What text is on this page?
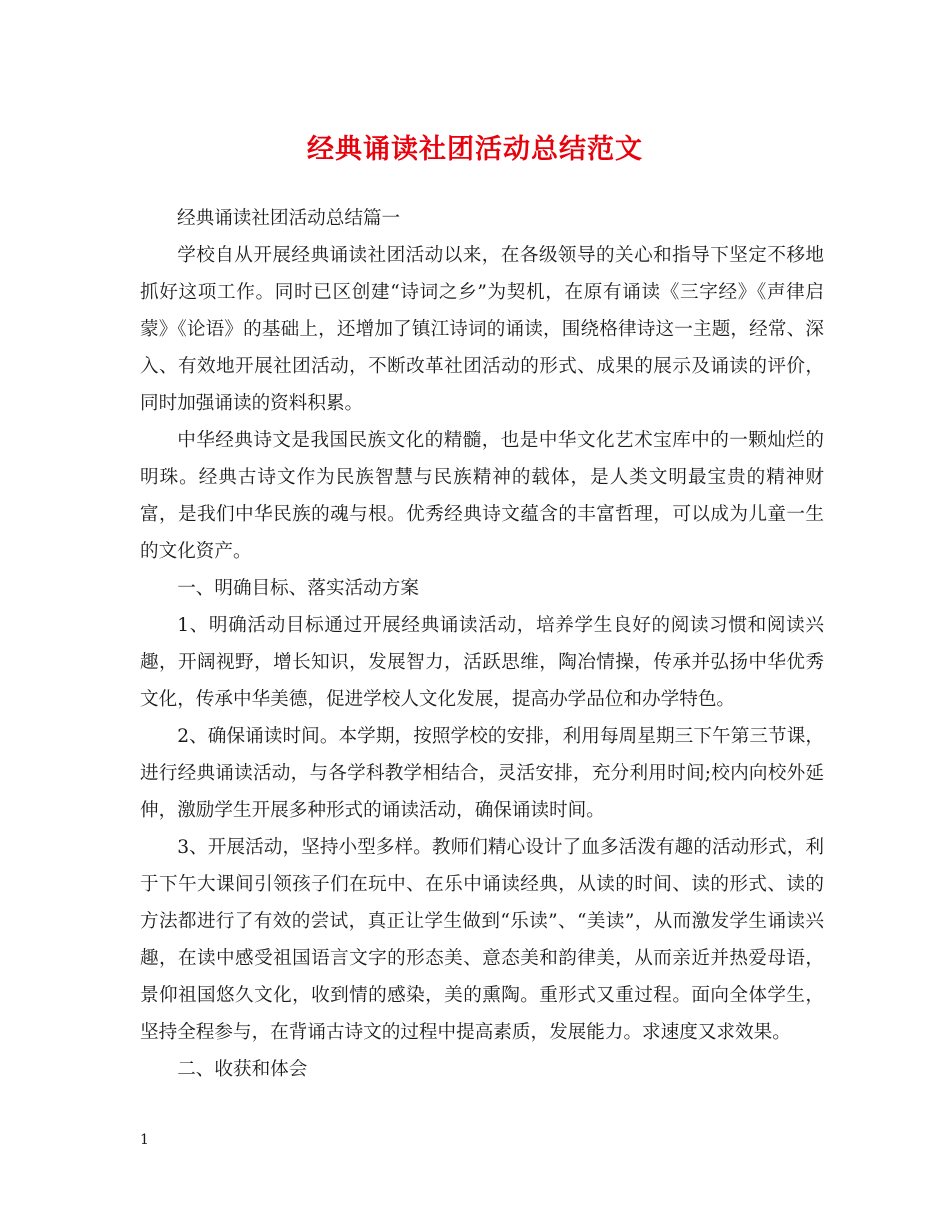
经典诵读社团活动总结范文

经典诵读社团活动总结篇一

学校自从开展经典诵读社团活动以来，在各级领导的关心和指导下坚定不移地抓好这项工作。同时已区创建“诗词之乡”为契机，在原有诵读《三字经》《声律启蒙》《论语》的基础上，还增加了镇江诗词的诵读，围绕格律诗这一主题，经常、深入、有效地开展社团活动，不断改革社团活动的形式、成果的展示及诵读的评价，同时加强诵读的资料积累。

中华经典诗文是我国民族文化的精髓，也是中华文化艺术宝库中的一颗灿烂的明珠。经典古诗文作为民族智慧与民族精神的载体，是人类文明最宝贵的精神财富，是我们中华民族的魂与根。优秀经典诗文蕴含的丰富哲理，可以成为儿童一生的文化资产。

一、明确目标、落实活动方案

1、明确活动目标通过开展经典诵读活动，培养学生良好的阅读习惯和阅读兴趣，开阔视野，增长知识，发展智力，活跃思维，陶冶情操，传承并弘扬中华优秀文化，传承中华美德，促进学校人文化发展，提高办学品位和办学特色。

2、确保诵读时间。本学期，按照学校的安排，利用每周星期三下午第三节课，进行经典诵读活动，与各学科教学相结合，灵活安排，充分利用时间;校内向校外延伸，激励学生开展多种形式的诵读活动，确保诵读时间。

3、开展活动，坚持小型多样。教师们精心设计了血多活泼有趣的活动形式，利于下午大课间引领孩子们在玩中、在乐中诵读经典，从读的时间、读的形式、读的方法都进行了有效的尝试，真正让学生做到“乐读”、“美读”，从而激发学生诵读兴趣，在读中感受祖国语言文字的形态美、意态美和韵律美，从而亲近并热爱母语，景仰祖国悠久文化，收到情的感染，美的熏陶。重形式又重过程。面向全体学生，坚持全程参与，在背诵古诗文的过程中提高素质，发展能力。求速度又求效果。

二、收获和体会

1
